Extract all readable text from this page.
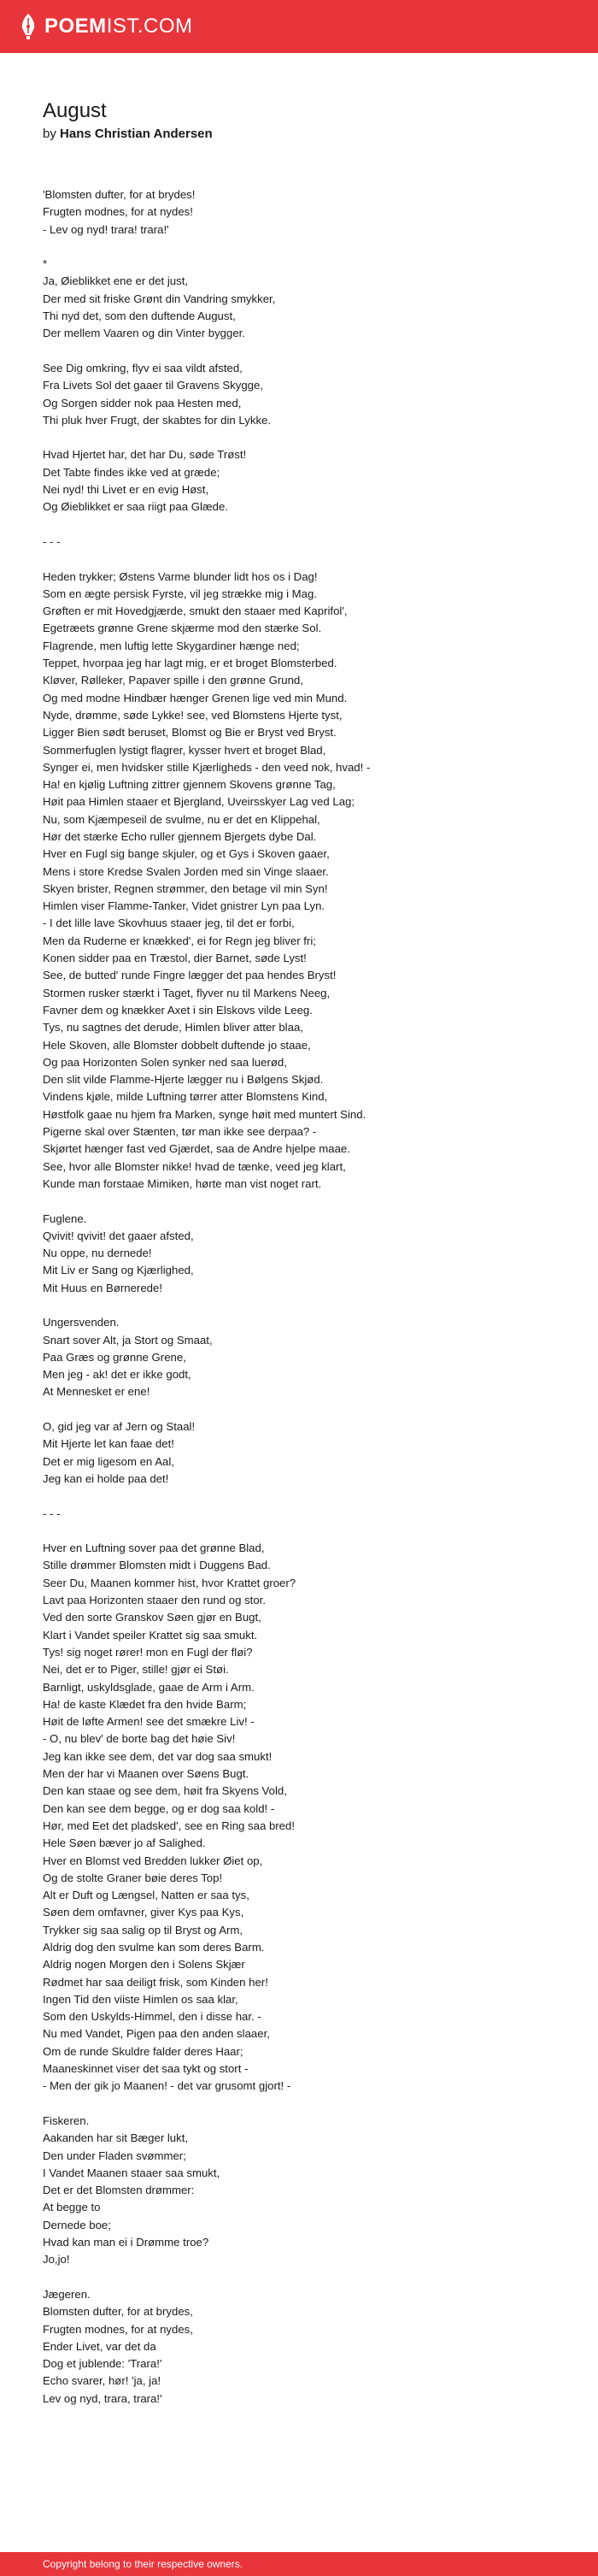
POEMIST.COM
August
by Hans Christian Andersen
'Blomsten dufter, for at brydes!
Frugten modnes, for at nydes!
- Lev og nyd! trara! trara!'
*
Ja, Øieblikket ene er det just,
Der med sit friske Grønt din Vandring smykker,
Thi nyd det, som den duftende August,
Der mellem Vaaren og din Vinter bygger.
See Dig omkring, flyv ei saa vildt afsted,
Fra Livets Sol det gaaer til Gravens Skygge,
Og Sorgen sidder nok paa Hesten med,
Thi pluk hver Frugt, der skabtes for din Lykke.
Hvad Hjertet har, det har Du, søde Trøst!
Det Tabte findes ikke ved at græde;
Nei nyd! thi Livet er en evig Høst,
Og Øieblikket er saa riigt paa Glæde.
- - -
Heden trykker; Østens Varme blunder lidt hos os i Dag!
Som en ægte persisk Fyrste, vil jeg strække mig i Mag.
Grøften er mit Hovedgjærde, smukt den staaer med Kaprifol',
Egetræets grønne Grene skjærme mod den stærke Sol.
Flagrende, men luftig lette Skygardiner hænge ned;
Teppet, hvorpaa jeg har lagt mig, er et broget Blomsterbed.
Kløver, Rølleker, Papaver spille i den grønne Grund,
Og med modne Hindbær hænger Grenen lige ved min Mund.
Nyde, drømme, søde Lykke! see, ved Blomstens Hjerte tyst,
Ligger Bien sødt beruset, Blomst og Bie er Bryst ved Bryst.
Sommerfuglen lystigt flagrer, kysser hvert et broget Blad,
Synger ei, men hvidsker stille Kjærligheds - den veed nok, hvad! -
Ha! en kjølig Luftning zittrer gjennem Skovens grønne Tag,
Høit paa Himlen staaer et Bjergland, Uveirsskyer Lag ved Lag;
Nu, som Kjæmpeseil de svulme, nu er det en Klippehal,
Hør det stærke Echo ruller gjennem Bjergets dybe Dal.
Hver en Fugl sig bange skjuler, og et Gys i Skoven gaaer,
Mens i store Kredse Svalen Jorden med sin Vinge slaaer.
Skyen brister, Regnen strømmer, den betage vil min Syn!
Himlen viser Flamme-Tanker, Videt gnistrer Lyn paa Lyn.
- I det lille lave Skovhuus staaer jeg, til det er forbi,
Men da Ruderne er knækked', ei for Regn jeg bliver fri;
Konen sidder paa en Træstol, dier Barnet, søde Lyst!
See, de butted' runde Fingre lægger det paa hendes Bryst!
Stormen rusker stærkt i Taget, flyver nu til Markens Neeg,
Favner dem og knækker Axet i sin Elskovs vilde Leeg.
Tys, nu sagtnes det derude, Himlen bliver atter blaa,
Hele Skoven, alle Blomster dobbelt duftende jo staae,
Og paa Horizonten Solen synker ned saa luerød,
Den slit vilde Flamme-Hjerte lægger nu i Bølgens Skjød.
Vindens kjøle, milde Luftning tørrer atter Blomstens Kind,
Høstfolk gaae nu hjem fra Marken, synge høit med muntert Sind.
Pigerne skal over Stænten, tør man ikke see derpaa? -
Skjørtet hænger fast ved Gjærdet, saa de Andre hjelpe maae.
See, hvor alle Blomster nikke! hvad de tænke, veed jeg klart,
Kunde man forstaae Mimiken, hørte man vist noget rart.
Fuglene.
Qvivit! qvivit! det gaaer afsted,
Nu oppe, nu dernede!
Mit Liv er Sang og Kjærlighed,
Mit Huus en Børnerede!
Ungersvenden.
Snart sover Alt, ja Stort og Smaat,
Paa Græs og grønne Grene,
Men jeg - ak! det er ikke godt,
At Mennesket er ene!
O, gid jeg var af Jern og Staal!
Mit Hjerte let kan faae det!
Det er mig ligesom en Aal,
Jeg kan ei holde paa det!
- - -
Hver en Luftning sover paa det grønne Blad,
Stille drømmer Blomsten midt i Duggens Bad.
Seer Du, Maanen kommer hist, hvor Krattet groer?
Lavt paa Horizonten staaer den rund og stor.
Ved den sorte Granskov Søen gjør en Bugt,
Klart i Vandet speiler Krattet sig saa smukt.
Tys! sig noget rører! mon en Fugl der fløi?
Nei, det er to Piger, stille! gjør ei Støi.
Barnligt, uskyldsglade, gaae de Arm i Arm.
Ha! de kaste Klædet fra den hvide Barm;
Høit de løfte Armen! see det smækre Liv! -
- O, nu blev' de borte bag det høie Siv!
Jeg kan ikke see dem, det var dog saa smukt!
Men der har vi Maanen over Søens Bugt.
Den kan staae og see dem, høit fra Skyens Vold,
Den kan see dem begge, og er dog saa kold! -
Hør, med Eet det pladsked', see en Ring saa bred!
Hele Søen bæver jo af Salighed.
Hver en Blomst ved Bredden lukker Øiet op,
Og de stolte Graner bøie deres Top!
Alt er Duft og Længsel, Natten er saa tys,
Søen dem omfavner, giver Kys paa Kys,
Trykker sig saa salig op til Bryst og Arm,
Aldrig dog den svulme kan som deres Barm.
Aldrig nogen Morgen den i Solens Skjær
Rødmet har saa deiligt frisk, som Kinden her!
Ingen Tid den viiste Himlen os saa klar,
Som den Uskylds-Himmel, den i disse har. -
Nu med Vandet, Pigen paa den anden slaaer,
Om de runde Skuldre falder deres Haar;
Maaneskinnet viser det saa tykt og stort -
- Men der gik jo Maanen! - det var grusomt gjort! -
Fiskeren.
Aakanden har sit Bæger lukt,
Den under Fladen svømmer;
I Vandet Maanen staaer saa smukt,
Det er det Blomsten drømmer:
At begge to
Dernede boe;
Hvad kan man ei i Drømme troe?
Jo,jo!
Jægeren.
Blomsten dufter, for at brydes,
Frugten modnes, for at nydes,
Ender Livet, var det da
Dog et jublende: 'Trara!'
Echo svarer, hør! 'ja, ja!
Lev og nyd, trara, trara!'
Copyright belong to their respective owners.
